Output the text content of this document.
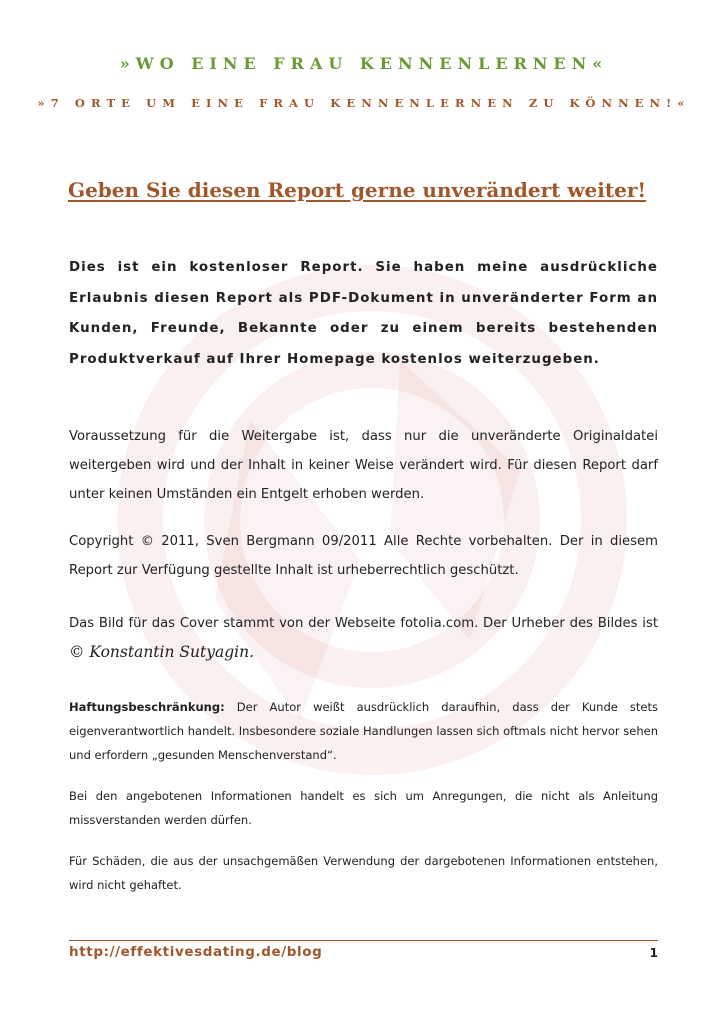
»WO EINE FRAU KENNENLERNEN«
»7 ORTE UM EINE FRAU KENNENLERNEN ZU KÖNNEN!«
Geben Sie diesen Report gerne unverändert weiter!
Dies ist ein kostenloser Report. Sie haben meine ausdrückliche Erlaubnis diesen Report als PDF-Dokument in unveränderter Form an Kunden, Freunde, Bekannte oder zu einem bereits bestehenden Produktverkauf auf Ihrer Homepage kostenlos weiterzugeben.
Voraussetzung für die Weitergabe ist, dass nur die unveränderte Originaldatei weitergeben wird und der Inhalt in keiner Weise verändert wird. Für diesen Report darf unter keinen Umständen ein Entgelt erhoben werden.
Copyright © 2011, Sven Bergmann 09/2011 Alle Rechte vorbehalten. Der in diesem Report zur Verfügung gestellte Inhalt ist urheberrechtlich geschützt.
Das Bild für das Cover stammt von der Webseite fotolia.com. Der Urheber des Bildes ist © Konstantin Sutyagin.
Haftungsbeschränkung: Der Autor weißt ausdrücklich daraufhin, dass der Kunde stets eigenverantwortlich handelt. Insbesondere soziale Handlungen lassen sich oftmals nicht hervor sehen und erfordern „gesunden Menschenverstand“.
Bei den angebotenen Informationen handelt es sich um Anregungen, die nicht als Anleitung missverstanden werden dürfen.
Für Schäden, die aus der unsachgemäßen Verwendung der dargebotenen Informationen entstehen, wird nicht gehaftet.
http://effektivesdating.de/blog	1
